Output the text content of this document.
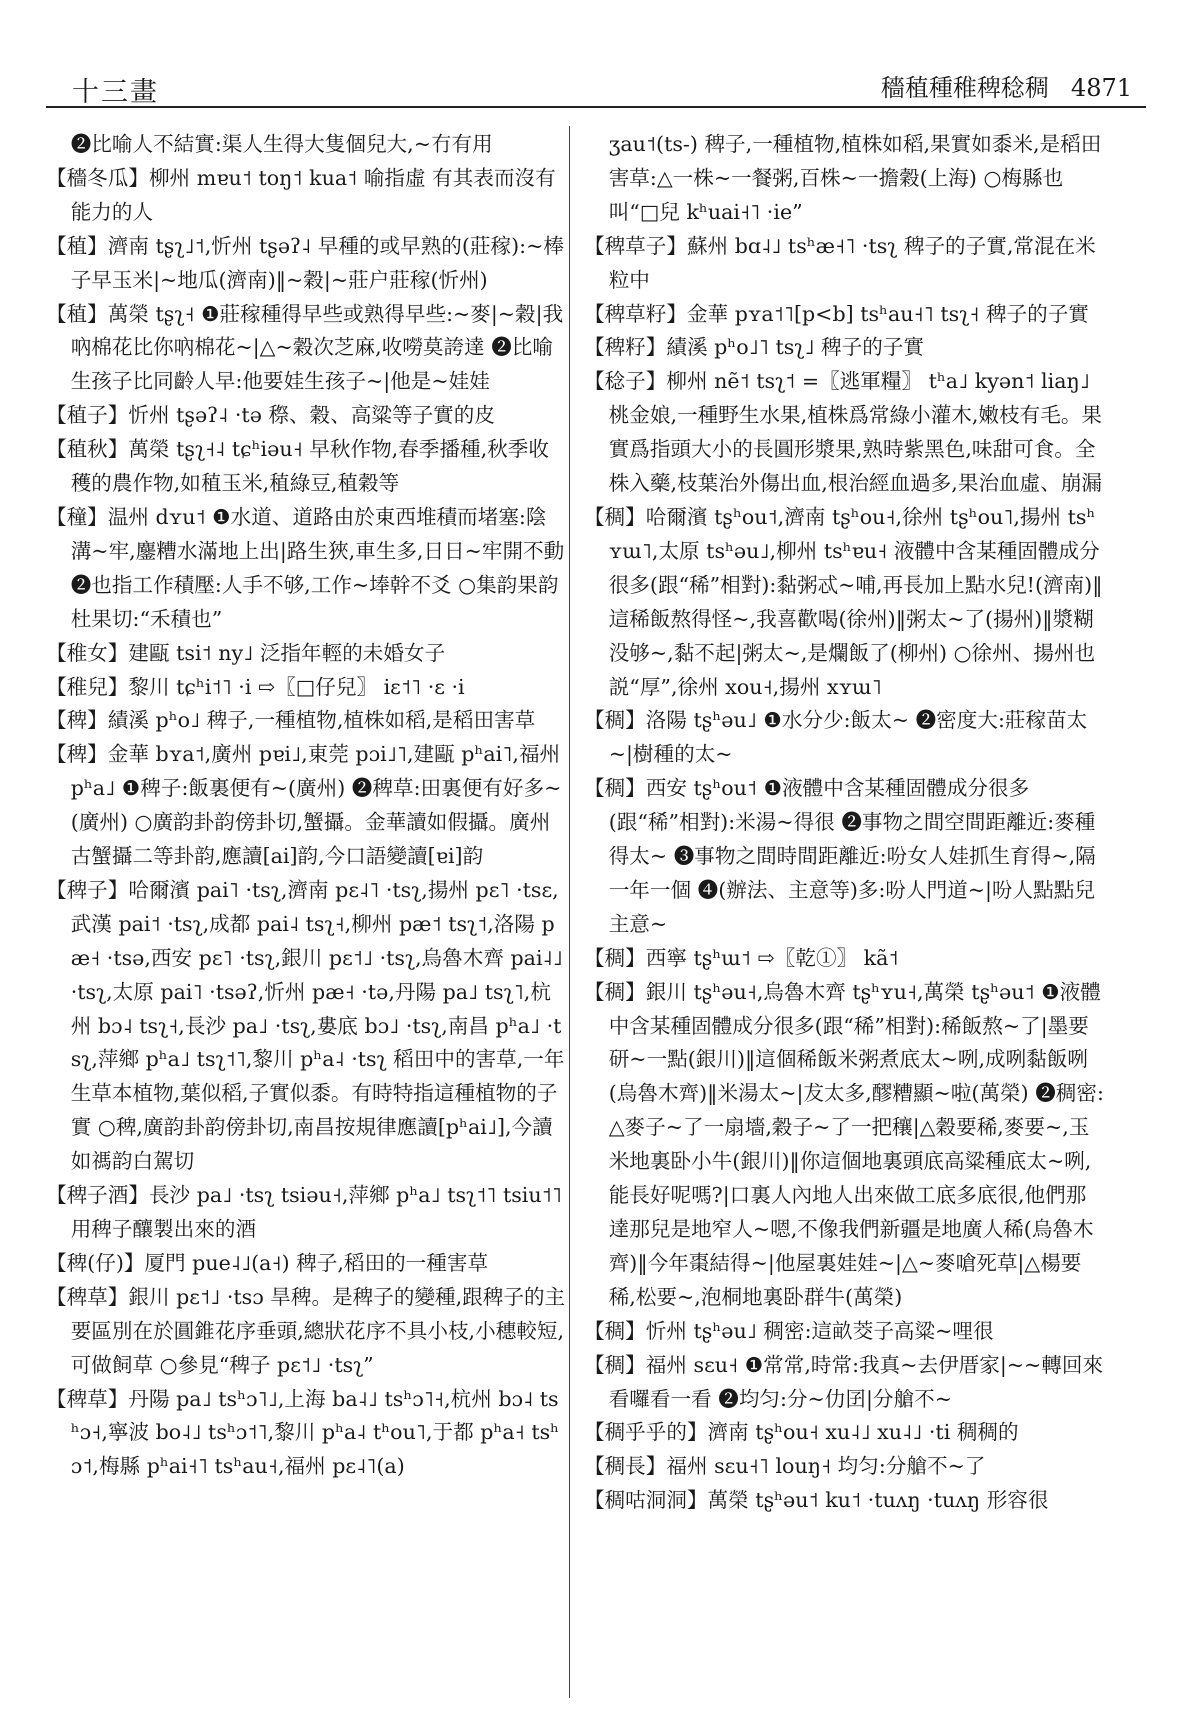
十三畫	穡稙種稚稗稔稠 4871

❷比喻人不結實:渠人生得大隻個兒大,~冇有用

【穡冬瓜】柳州 mɐu˦ toŋ˦ kua˦ 喻指虛 有其表而沒有能力的人

【稙】濟南 tʂʅ˩˦,忻州 tʂəʔ˨ 早種的或早熟的(莊稼):~棒子早玉米|~地瓜(濟南)‖~穀|~莊户莊稼(忻州)

【稙】萬榮 tʂʅ˧ ❶莊稼種得早些或熟得早些:~麥|~穀|我吶棉花比你吶棉花~|△~穀次芝麻,收嘮莫誇達 ❷比喻生孩子比同齡人早:他要娃生孩子~|他是~娃娃

【稙子】忻州 tʂəʔ˨ ·tə 穄、穀、高粱等子實的皮

【稙秋】萬榮 tʂʅ˧˨ tɕʰiəu˧ 早秋作物,春季播種,秋季收穫的農作物,如稙玉米,稙綠豆,稙穀等

【穜】温州 dʏu˦ ❶水道、道路由於東西堆積而堵塞:陰溝~牢,鏖糟水滿地上出|路生狹,車生多,日日~牢開不動 ❷也指工作積壓:人手不够,工作~埲幹不爻 ○集韵果韵杜果切:“禾積也”

【稚女】建甌 tsi˦ ny˩ 泛指年輕的未婚女子

【稚兒】黎川 tɕʰi˦˥ ·i ⇨〖□仔兒〗 iɛ˦˥ ·ɛ ·i

【稗】績溪 pʰo˩ 稗子,一種植物,植株如稻,是稻田害草

【稗】金華 bʏa˦,廣州 pɐi˩,東莞 pɔi˩˥,建甌 pʰai˥,福州 pʰa˩ ❶稗子:飯裏便有~(廣州) ❷稗草:田裏便有好多~(廣州) ○廣韵卦韵傍卦切,蟹攝。金華讀如假攝。廣州古蟹攝二等卦韵,應讀[ai]韵,今口語變讀[ɐi]韵

【稗子】哈爾濱 pai˥ ·tsʅ,濟南 pɛ˨˥ ·tsʅ,揚州 pɛ˥ ·tsɛ,武漢 pai˦ ·tsʅ,成都 pai˨ tsʅ˧,柳州 pæ˦ tsʅ˦,洛陽 pæ˧ ·tsə,西安 pɛ˥ ·tsʅ,銀川 pɛ˦˩ ·tsʅ,烏魯木齊 pai˨˩ ·tsʅ,太原 pai˥ ·tsəʔ,忻州 pæ˧ ·tə,丹陽 pa˩ tsʅ˥,杭州 bɔ˨ tsʅ˧,長沙 pa˩ ·tsʅ,婁底 bɔ˩ ·tsʅ,南昌 pʰa˩ ·tsʅ,萍鄉 pʰa˩ tsʅ˦˥,黎川 pʰa˨ ·tsʅ 稻田中的害草,一年生草本植物,葉似稻,子實似黍。有時特指這種植物的子實 ○稗,廣韵卦韵傍卦切,南昌按規律應讀[pʰai˩],今讀如禡韵白駕切

【稗子酒】長沙 pa˩ ·tsʅ tsiəu˧,萍鄉 pʰa˩ tsʅ˦˥ tsiu˦˥ 用稗子釀製出來的酒

【稗(仔)】厦門 pue˨˩(a˧) 稗子,稻田的一種害草

【稗草】銀川 pɛ˦˩ ·tsɔ 旱稗。是稗子的變種,跟稗子的主要區別在於圓錐花序垂頭,總狀花序不具小枝,小穗較短,可做飼草 ○參見“稗子 pɛ˦˩ ·tsʅ”

【稗草】丹陽 pa˩ tsʰɔ˥˩,上海 ba˨˩ tsʰɔ˥˧,杭州 bɔ˨ tsʰɔ˧,寧波 bo˨˩ tsʰɔ˦˥,黎川 pʰa˨ tʰou˥,于都 pʰa˧ tsʰɔ˦,梅縣 pʰai˧˥ tsʰau˧,福州 pɛ˨˥(a)

ʒau˦(ts-) 稗子,一種植物,植株如稻,果實如黍米,是稻田害草:△一株~一餐粥,百株~一擔穀(上海) ○梅縣也叫“□兒 kʰuai˧˥ ·ie”

【稗草子】蘇州 bɑ˨˩ tsʰæ˧˥ ·tsʅ 稗子的子實,常混在米粒中

【稗草籽】金華 pʏa˦˥[p<b] tsʰau˧˥ tsʅ˧ 稗子的子實

【稗籽】績溪 pʰo˩˥ tsʅ˩ 稗子的子實

【稔子】柳州 nẽ˦ tsʅ˦ =〖逃軍糧〗 tʰa˩ kyən˦ liaŋ˩ 桃金娘,一種野生水果,植株爲常綠小灌木,嫩枝有毛。果實爲指頭大小的長圓形漿果,熟時紫黑色,味甜可食。全株入藥,枝葉治外傷出血,根治經血過多,果治血虛、崩漏

【稠】哈爾濱 tʂʰou˦,濟南 tʂʰou˧,徐州 tʂʰou˥,揚州 tsʰʏɯ˥,太原 tsʰəu˩,柳州 tsʰɐu˧ 液體中含某種固體成分很多(跟“稀”相對):黏粥忒~哺,再長加上點水兒!(濟南)‖這稀飯熬得怪~,我喜歡喝(徐州)‖粥太~了(揚州)‖漿糊没够~,黏不起|粥太~,是爛飯了(柳州) ○徐州、揚州也説“厚”,徐州 xou˧,揚州 xʏɯ˥

【稠】洛陽 tʂʰəu˩ ❶水分少:飯太~ ❷密度大:莊稼苗太~|樹種的太~

【稠】西安 tʂʰou˦ ❶液體中含某種固體成分很多(跟“稀”相對):米湯~得很 ❷事物之間空間距離近:麥種得太~ ❸事物之間時間距離近:吩女人娃抓生育得~,隔一年一個 ❹(辦法、主意等)多:吩人門道~|吩人點點兒主意~

【稠】西寧 tʂʰɯ˦ ⇨〖乾①〗 kã˦

【稠】銀川 tʂʰəu˧,烏魯木齊 tʂʰʏu˧,萬榮 tʂʰəu˦ ❶液體中含某種固體成分很多(跟“稀”相對):稀飯熬~了|墨要研~一點(銀川)‖這個稀飯米粥煮底太~咧,成咧黏飯咧(烏魯木齊)‖米湯太~|犮太多,醪糟顯~啦(萬榮) ❷稠密:△麥子~了一扇墻,穀子~了一把穰|△穀要稀,麥要~,玉米地裏卧小牛(銀川)‖你這個地裏頭底高粱種底太~咧,能長好呢嗎?|口裏人內地人出來做工底多底很,他們那達那兒是地窄人~嗯,不像我們新疆是地廣人稀(烏魯木齊)‖今年棗結得~|他屋裏娃娃~|△~麥嗆死草|△楊要稀,松要~,泡桐地裏卧群牛(萬榮)

【稠】忻州 tʂʰəu˩ 稠密:這畝茭子高粱~哩很

【稠】福州 sɛu˧ ❶常常,時常:我真~去伊厝家|~~轉回來看囉看一看 ❷均匀:分~仂囝|分艙不~

【稠乎乎的】濟南 tʂʰou˧ xu˨˩ xu˨˩ ·ti 稠稠的

【稠長】福州 sɛu˧˥ louŋ˧ 均匀:分艙不~了

【稠咕洞洞】萬榮 tʂʰəu˦ ku˦ ·tuʌŋ ·tuʌŋ 形容很
